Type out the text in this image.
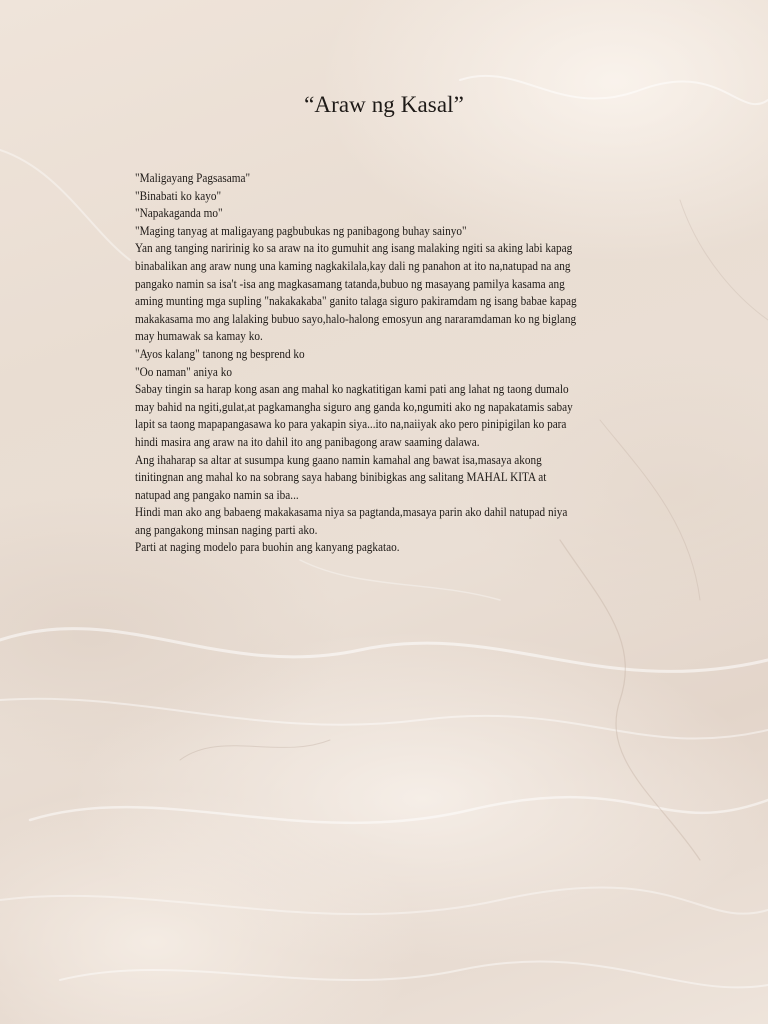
“Araw ng Kasal”
"Maligayang Pagsasama"
"Binabati ko kayo"
"Napakaganda mo"
"Maging tanyag at maligayang pagbubukas ng panibagong buhay sainyo"
Yan ang tanging naririnig ko sa araw na ito gumuhit ang isang malaking ngiti sa aking labi kapag
binabalikan ang araw nung una kaming nagkakilala,kay dali ng panahon at ito na,natupad na ang
pangako namin sa isa't -isa ang magkasamang tatanda,bubuo ng masayang pamilya kasama ang
aming munting mga supling "nakakakaba" ganito talaga siguro pakiramdam ng isang babae kapag
makakasama mo ang lalaking bubuo sayo,halo-halong emosyun ang nararamdaman ko ng biglang
may humawak sa kamay ko.
"Ayos kalang" tanong ng besprend ko
"Oo naman" aniya ko
Sabay tingin sa harap kong asan ang mahal ko nagkatitigan kami pati ang lahat ng taong dumalo
may bahid na ngiti,gulat,at pagkamangha siguro ang ganda ko,ngumiti ako ng napakatamis sabay
lapit sa taong mapapangasawa ko para yakapin siya...ito na,naiiyak ako pero pinipigilan ko para
hindi masira ang araw na ito dahil ito ang panibagong araw saaming dalawa.
Ang ihaharap sa altar at susumpa kung gaano namin kamahal ang bawat isa,masaya akong
tinitingnan ang mahal ko na sobrang saya habang binibigkas ang salitang MAHAL KITA at
natupad ang pangako namin sa iba...
Hindi man ako ang babaeng makakasama niya sa pagtanda,masaya parin ako dahil natupad niya
ang pangakong minsan naging parti ako.
Parti at naging modelo para buohin ang kanyang pagkatao.
